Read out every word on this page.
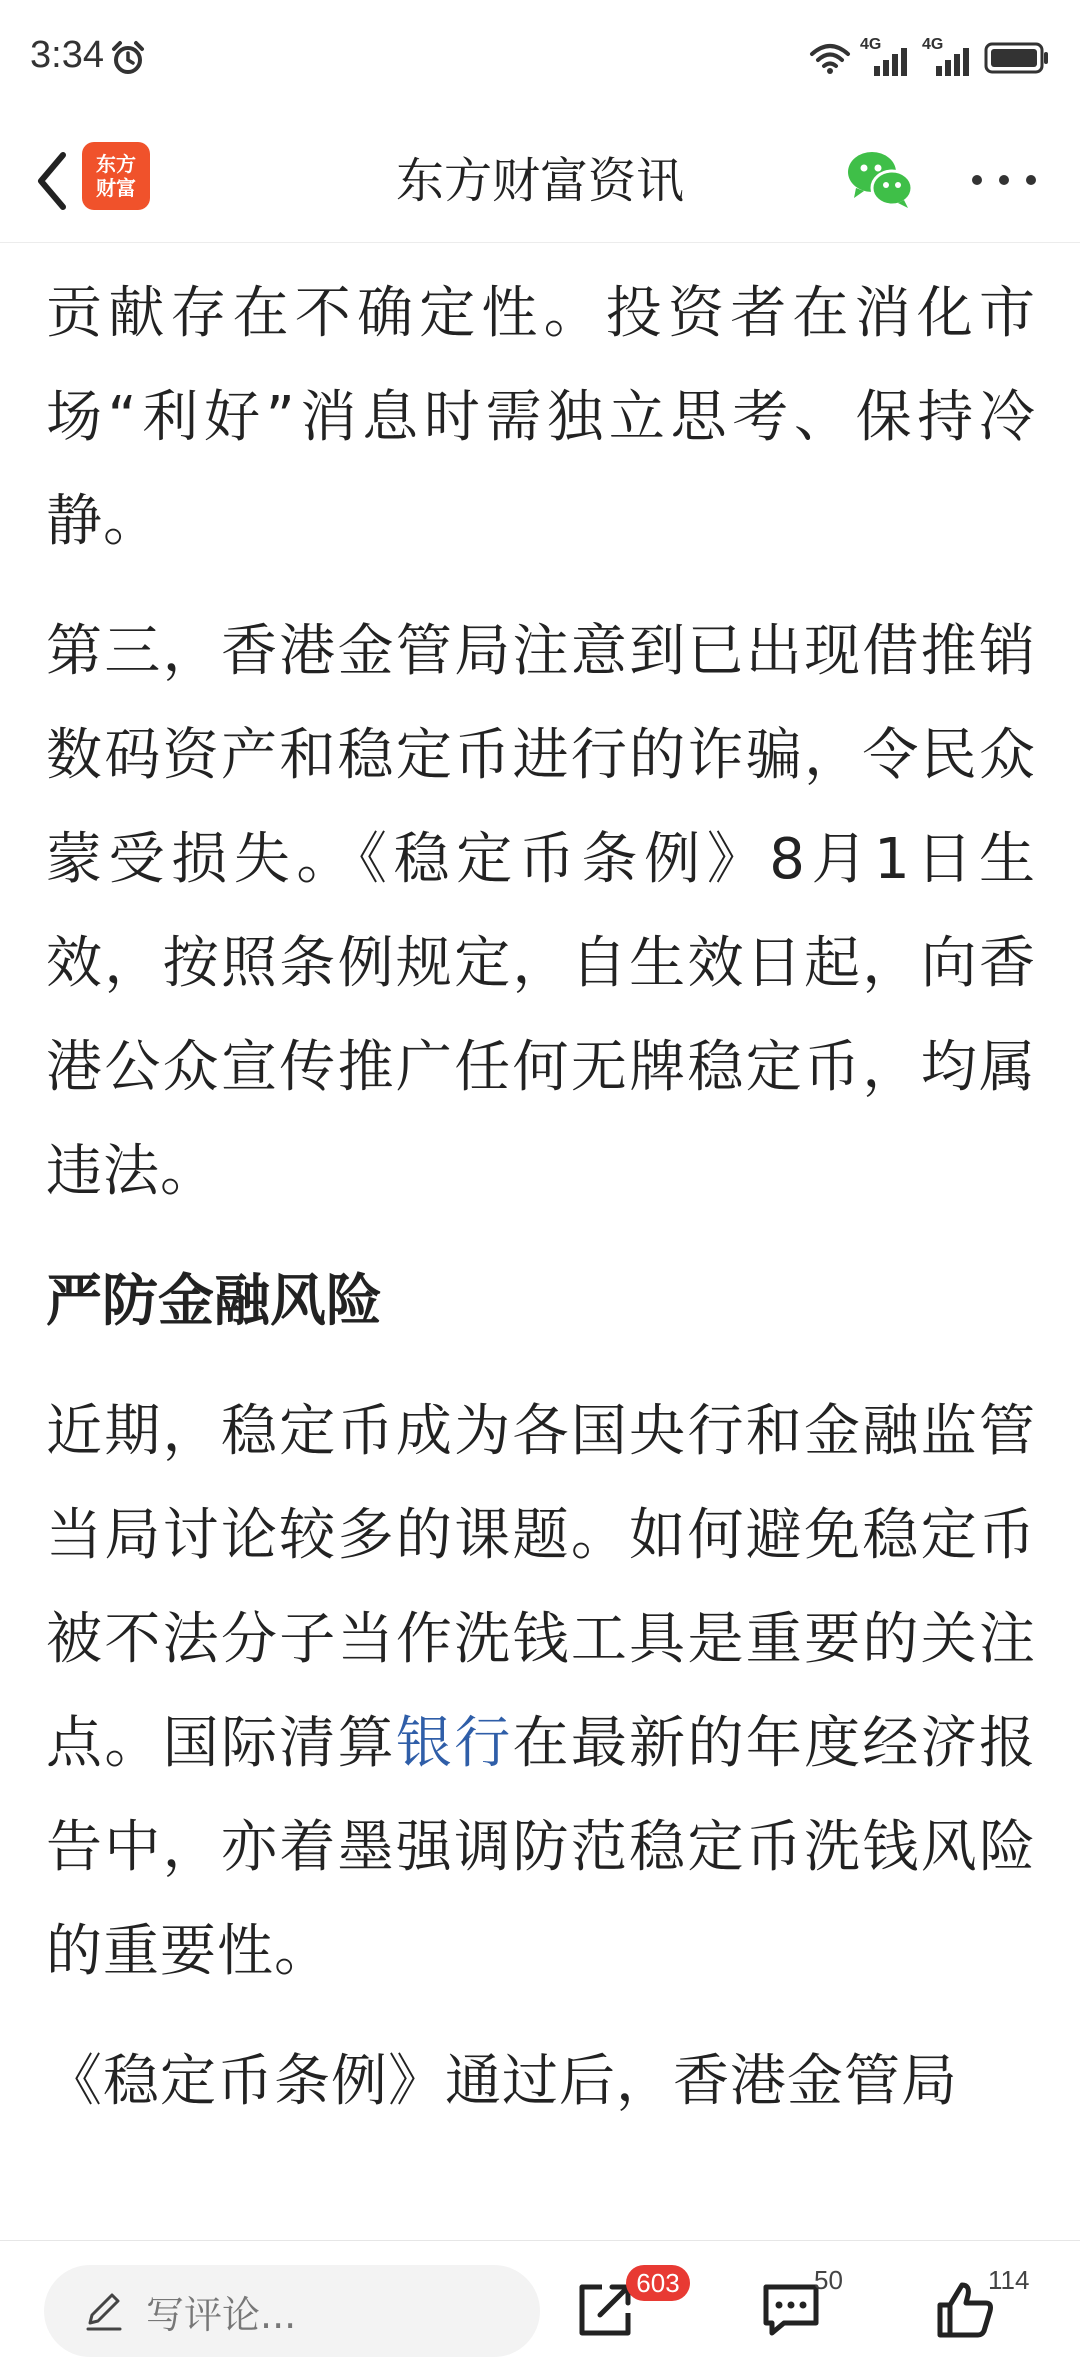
3:34	4G	4G
东方
财富	东方财富资讯

贡献存在不确定性。投资者在消化市场“利好”消息时需独立思考、保持冷静。

第三，香港金管局注意到已出现借推销数码资产和稳定币进行的诈骗，令民众蒙受损失。《稳定币条例》8月1日生效，按照条例规定，自生效日起，向香港公众宣传推广任何无牌稳定币，均属违法。

严防金融风险

近期，稳定币成为各国央行和金融监管当局讨论较多的课题。如何避免稳定币被不法分子当作洗钱工具是重要的关注点。国际清算银行在最新的年度经济报告中，亦着墨强调防范稳定币洗钱风险的重要性。

《稳定币条例》通过后，香港金管局

写评论...
603	50	114
